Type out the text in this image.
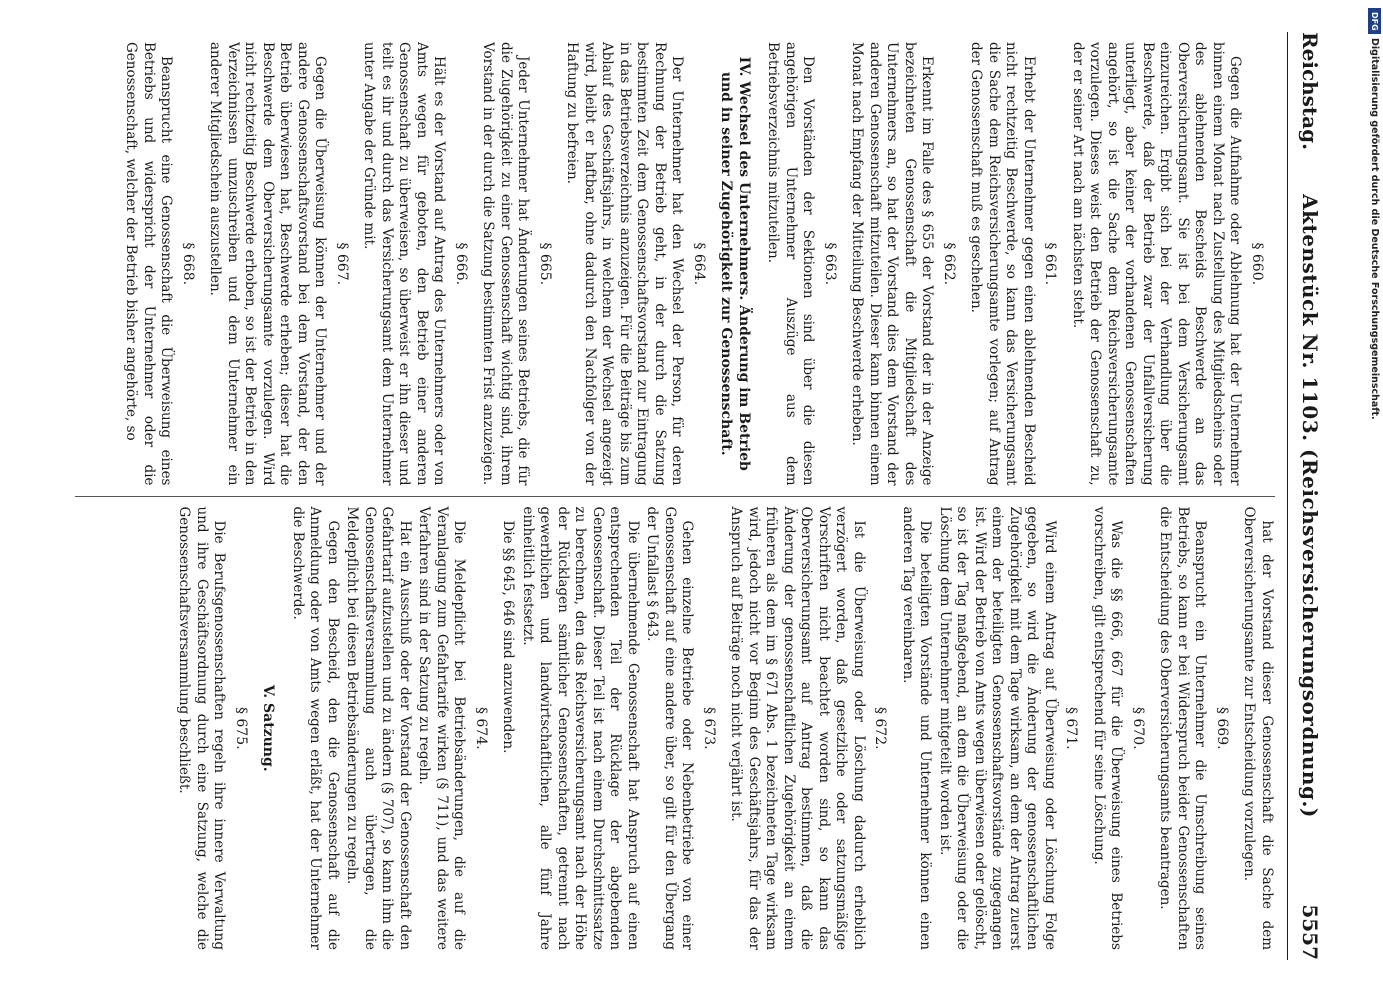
Reichstag.
Aktenstück Nr. 1103. (Reichsversicherungsordnung.)
5557

§ 660.

Gegen die Aufnahme oder Ablehnung hat der Unternehmer binnen einem Monat nach Zustellung des Mitgliedscheins oder des ablehnenden Bescheids Beschwerde an das Oberversicherungsamt. Sie ist bei dem Versicherungsamt einzureichen. Ergibt sich bei der Verhandlung über die Beschwerde, daß der Betrieb zwar der Unfallversicherung unterliegt, aber keiner der vorhandenen Genossenschaften angehört, so ist die Sache dem Reichsversicherungsamte vorzulegen. Dieses weist den Betrieb der Genossenschaft zu, der er seiner Art nach am nächsten steht.

§ 661.

Erhebt der Unternehmer gegen einen ablehnenden Bescheid nicht rechtzeitig Beschwerde, so kann das Versicherungsamt die Sache dem Reichsversicherungsamte vorlegen; auf Antrag der Genossenschaft muß es geschehen.

§ 662.

Erkennt im Falle des § 655 der Vorstand der in der Anzeige bezeichneten Genossenschaft die Mitgliedschaft des Unternehmers an, so hat der Vorstand dies dem Vorstand der anderen Genossenschaft mitzuteilen. Dieser kann binnen einem Monat nach Empfang der Mitteilung Beschwerde erheben.

§ 663.

Den Vorständen der Sektionen sind über die diesen angehörigen Unternehmer Auszüge aus dem Betriebsverzeichnis mitzuteilen.

IV. Wechsel des Unternehmers. Änderung im Betrieb und in seiner Zugehörigkeit zur Genossenschaft.

§ 664.

Der Unternehmer hat den Wechsel der Person, für deren Rechnung der Betrieb geht, in der durch die Satzung bestimmten Zeit dem Genossenschaftsvorstand zur Eintragung in das Betriebsverzeichnis anzuzeigen. Für die Beiträge bis zum Ablauf des Geschäftsjahrs, in welchem der Wechsel angezeigt wird, bleibt er haftbar, ohne dadurch den Nachfolger von der Haftung zu befreien.

§ 665.

Jeder Unternehmer hat Änderungen seines Betriebs, die für die Zugehörigkeit zu einer Genossenschaft wichtig sind, ihrem Vorstand in der durch die Satzung bestimmten Frist anzuzeigen.

§ 666.

Hält es der Vorstand auf Antrag des Unternehmers oder von Amts wegen für geboten, den Betrieb einer anderen Genossenschaft zu überweisen, so überweist er ihn dieser und teilt es ihr und durch das Versicherungsamt dem Unternehmer unter Angabe der Gründe mit.

§ 667.

Gegen die Überweisung können der Unternehmer und der andere Genossenschaftsvorstand bei dem Vorstand, der den Betrieb überwiesen hat, Beschwerde erheben; dieser hat die Beschwerde dem Oberversicherungsamte vorzulegen. Wird nicht rechtzeitig Beschwerde erhoben, so ist der Betrieb in den Verzeichnissen umzuschreiben und dem Unternehmer ein anderer Mitgliedschein auszustellen.

§ 668.

Beansprucht eine Genossenschaft die Überweisung eines Betriebs und widerspricht der Unternehmer oder die Genossenschaft, welcher der Betrieb bisher angehörte, so

hat der Vorstand dieser Genossenschaft die Sache dem Oberversicherungsamte zur Entscheidung vorzulegen.

§ 669.

Beansprucht ein Unternehmer die Umschreibung seines Betriebs, so kann er bei Widerspruch beider Genossenschaften die Entscheidung des Oberversicherungsamts beantragen.

§ 670.

Was die §§ 666, 667 für die Überweisung eines Betriebs vorschreiben, gilt entsprechend für seine Löschung.

§ 671.

Wird einem Antrag auf Überweisung oder Löschung Folge gegeben, so wird die Änderung der genossenschaftlichen Zugehörigkeit mit dem Tage wirksam, an dem der Antrag zuerst einem der beteiligten Genossenschaftsvorstände zugegangen ist. Wird der Betrieb von Amts wegen überwiesen oder gelöscht, so ist der Tag maßgebend, an dem die Überweisung oder die Löschung dem Unternehmer mitgeteilt worden ist.

Die beteiligten Vorstände und Unternehmer können einen anderen Tag vereinbaren.

§ 672.

Ist die Überweisung oder Löschung dadurch erheblich verzögert worden, daß gesetzliche oder satzungsmäßige Vorschriften nicht beachtet worden sind, so kann das Oberversicherungsamt auf Antrag bestimmen, daß die Änderung der genossenschaftlichen Zugehörigkeit an einem früheren als dem im § 671 Abs. 1 bezeichneten Tage wirksam wird, jedoch nicht vor Beginn des Geschäftsjahrs, für das der Anspruch auf Beiträge noch nicht verjährt ist.

§ 673.

Gehen einzelne Betriebe oder Nebenbetriebe von einer Genossenschaft auf eine andere über, so gilt für den Übergang der Unfallast § 643.

Die übernehmende Genossenschaft hat Anspruch auf einen entsprechenden Teil der Rücklage der abgebenden Genossenschaft. Dieser Teil ist nach einem Durchschnittssatze zu berechnen, den das Reichsversicherungsamt nach der Höhe der Rücklagen sämtlicher Genossenschaften, getrennt nach gewerblichen und landwirtschaftlichen, alle fünf Jahre einheitlich festsetzt.

Die §§ 645, 646 sind anzuwenden.

§ 674.

Die Meldepflicht bei Betriebsänderungen, die auf die Veranlagung zum Gefahrtarife wirken (§ 711), und das weitere Verfahren sind in der Satzung zu regeln.

Hat ein Ausschuß oder der Vorstand der Genossenschaft den Gefahrtarif aufzustellen und zu ändern (§ 707), so kann ihm die Genossenschaftsversammlung auch übertragen, die Meldepflicht bei diesen Betriebsänderungen zu regeln.

Gegen den Bescheid, den die Genossenschaft auf die Anmeldung oder von Amts wegen erläßt, hat der Unternehmer die Beschwerde.

V. Satzung.

§ 675.

Die Berufsgenossenschaften regeln ihre innere Verwaltung und ihre Geschäftsordnung durch eine Satzung, welche die Genossenschaftsversammlung beschließt.

DFG
Digitalisierung gefördert durch die Deutsche Forschungsgemeinschaft.
